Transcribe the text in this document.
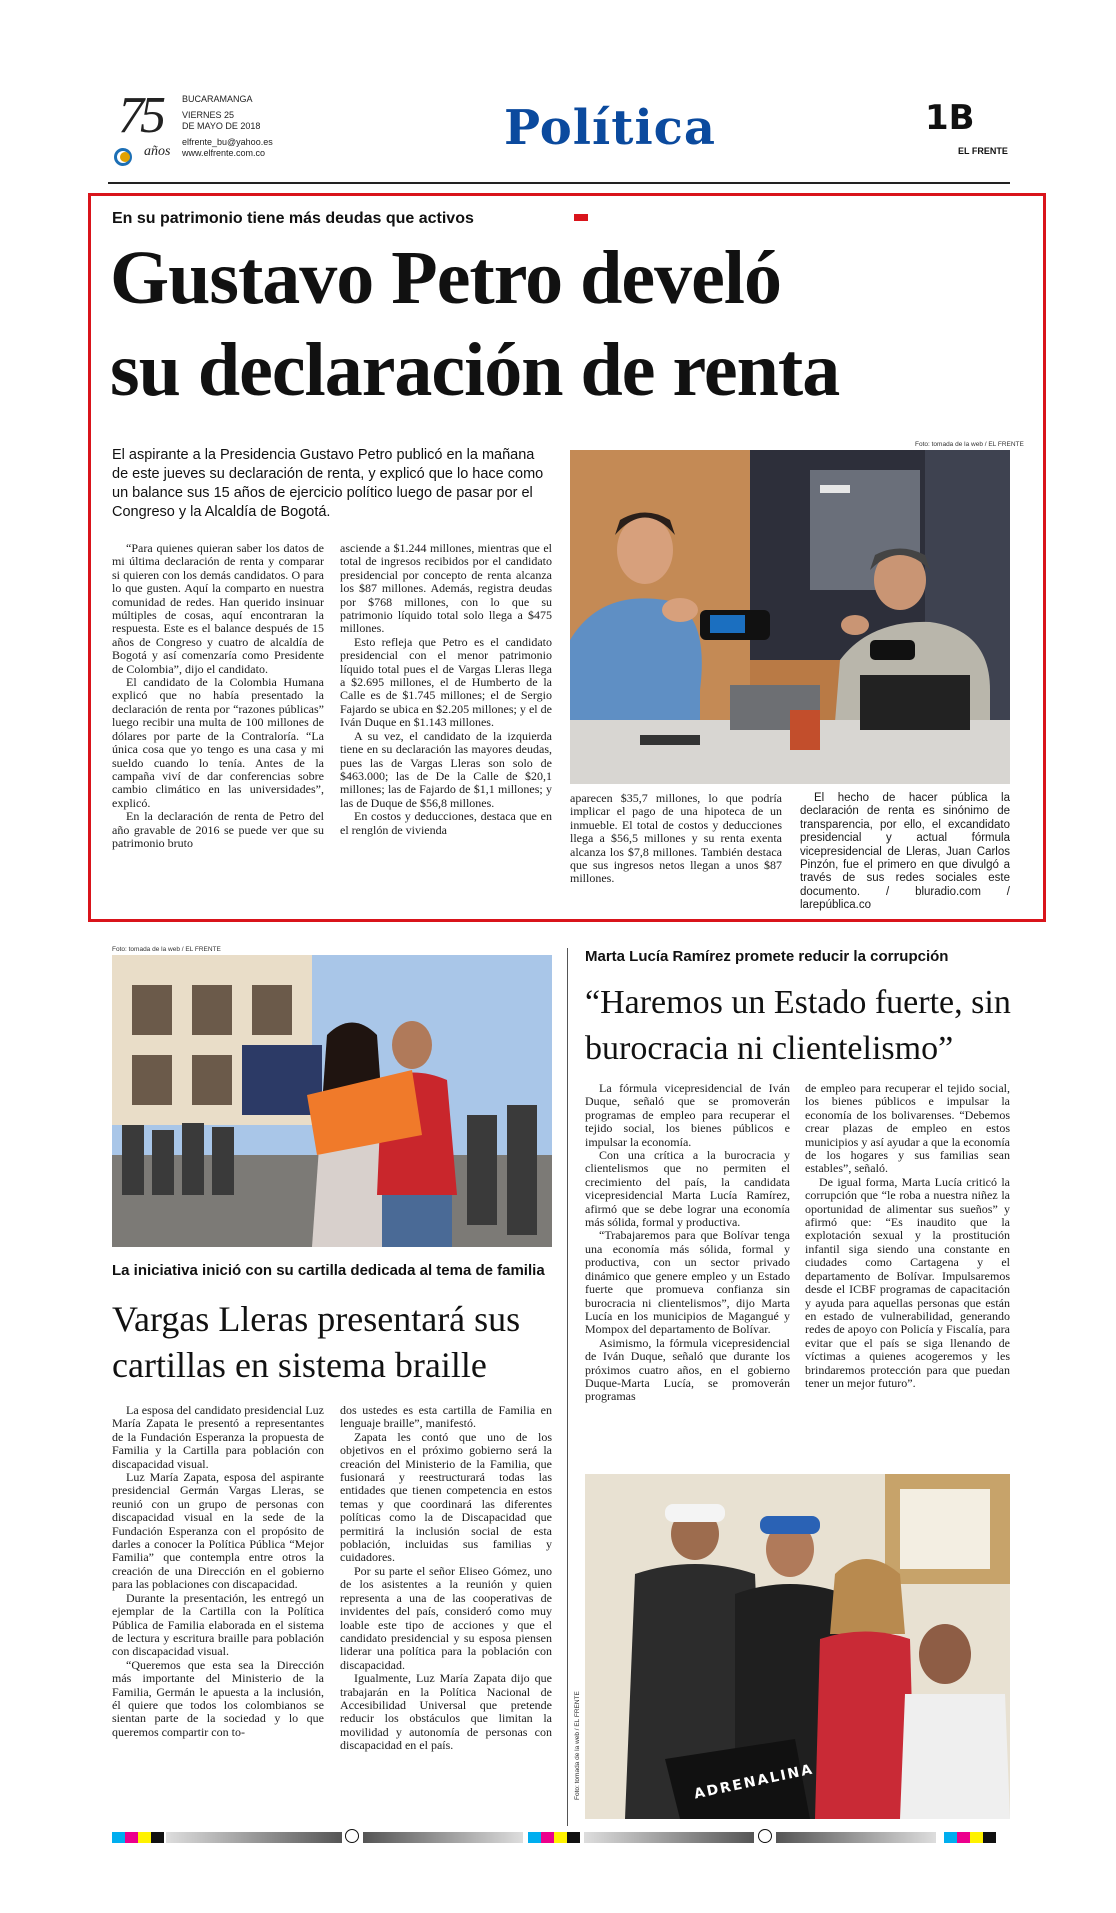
75
años
BUCARAMANGA
VIERNES 25
DE MAYO DE 2018
elfrente_bu@yahoo.es
www.elfrente.com.co	Política	1B
EL FRENTE
En su patrimonio tiene más deudas que activos
Gustavo Petro develó
su declaración de renta
El aspirante a la Presidencia Gustavo Petro publicó en la mañana de este jueves su declaración de renta, y explicó que lo hace como un balance sus 15 años de ejercicio político luego de pasar por el Congreso y la Alcaldía de Bogotá.

“Para quienes quieran saber los datos de mi última declaración de renta y comparar si quieren con los demás candidatos. O para lo que gusten. Aquí la comparto en nuestra comunidad de redes. Han querido insinuar múltiples de cosas, aquí encontraran la respuesta. Este es el balance después de 15 años de Congreso y cuatro de alcaldía de Bogotá y así comenzaría como Presidente de Colombia”, dijo el candidato.

El candidato de la Colombia Humana explicó que no había presentado la declaración de renta por “razones públicas” luego recibir una multa de 100 millones de dólares por parte de la Contraloría. “La única cosa que yo tengo es una casa y mi sueldo cuando lo tenía. Antes de la campaña viví de dar conferencias sobre cambio climático en las universidades”, explicó.

En la declaración de renta de Petro del año gravable de 2016 se puede ver que su patrimonio bruto

asciende a $1.244 millones, mientras que el total de ingresos recibidos por el candidato presidencial por concepto de renta alcanza los $87 millones. Además, registra deudas por $768 millones, con lo que su patrimonio líquido total solo llega a $475 millones.

Esto refleja que Petro es el candidato presidencial con el menor patrimonio líquido total pues el de Vargas Lleras llega a $2.695 millones, el de Humberto de la Calle es de $1.745 millones; el de Sergio Fajardo se ubica en $2.205 millones; y el de Iván Duque en $1.143 millones.

A su vez, el candidato de la izquierda tiene en su declaración las mayores deudas, pues las de Vargas Lleras son solo de $463.000; las de De la Calle de $20,1 millones; las de Fajardo de $1,1 millones; y las de Duque de $56,8 millones.

En costos y deducciones, destaca que en el renglón de vivienda

aparecen $35,7 millones, lo que podría implicar el pago de una hipoteca de un inmueble. El total de costos y deducciones llega a $56,5 millones y su renta exenta alcanza los $7,8 millones. También destaca que sus ingresos netos llegan a unos $87 millones.

El hecho de hacer pública la declaración de renta es sinónimo de transparencia, por ello, el excandidato presidencial y actual fórmula vicepresidencial de Lleras, Juan Carlos Pinzón, fue el primero en que divulgó a través de sus redes sociales este documento. / bluradio.com / larepública.co

Foto: tomada de la web / EL FRENTE
Foto: tomada de la web / EL FRENTE
La iniciativa inició con su cartilla dedicada al tema de familia
Vargas Lleras presentará sus
cartillas en sistema braille

La esposa del candidato presidencial Luz María Zapata le presentó a representantes de la Fundación Esperanza la propuesta de Familia y la Cartilla para población con discapacidad visual.

Luz María Zapata, esposa del aspirante presidencial Germán Vargas Lleras, se reunió con un grupo de personas con discapacidad visual en la sede de la Fundación Esperanza con el propósito de darles a conocer la Política Pública “Mejor Familia” que contempla entre otros la creación de una Dirección en el gobierno para las poblaciones con discapacidad.

Durante la presentación, les entregó un ejemplar de la Cartilla con la Política Pública de Familia elaborada en el sistema de lectura y escritura braille para población con discapacidad visual.

“Queremos que esta sea la Dirección más importante del Ministerio de la Familia, Germán le apuesta a la inclusión, él quiere que todos los colombianos se sientan parte de la sociedad y lo que queremos compartir con to-

dos ustedes es esta cartilla de Familia en lenguaje braille”, manifestó.

Zapata les contó que uno de los objetivos en el próximo gobierno será la creación del Ministerio de la Familia, que fusionará y reestructurará todas las entidades que tienen competencia en estos temas y que coordinará las diferentes políticas como la de Discapacidad que permitirá la inclusión social de esta población, incluidas sus familias y cuidadores.

Por su parte el señor Eliseo Gómez, uno de los asistentes a la reunión y quien representa a una de las cooperativas de invidentes del país, consideró como muy loable este tipo de acciones y que el candidato presidencial y su esposa piensen liderar una política para la población con discapacidad.

Igualmente, Luz María Zapata dijo que trabajarán en la Política Nacional de Accesibilidad Universal que pretende reducir los obstáculos que limitan la movilidad y autonomía de personas con discapacidad en el país.

Marta Lucía Ramírez promete reducir la corrupción
“Haremos un Estado fuerte, sin
burocracia ni clientelismo”

La fórmula vicepresidencial de Iván Duque, señaló que se promoverán programas de empleo para recuperar el tejido social, los bienes públicos e impulsar la economía.

Con una crítica a la burocracia y clientelismos que no permiten el crecimiento del país, la candidata vicepresidencial Marta Lucía Ramírez, afirmó que se debe lograr una economía más sólida, formal y productiva.

“Trabajaremos para que Bolívar tenga una economía más sólida, formal y productiva, con un sector privado dinámico que genere empleo y un Estado fuerte que promueva confianza sin burocracia ni clientelismos”, dijo Marta Lucía en los municipios de Magangué y Mompox del departamento de Bolívar.

Asimismo, la fórmula vicepresidencial de Iván Duque, señaló que durante los próximos cuatro años, en el gobierno Duque-Marta Lucía, se promoverán programas

de empleo para recuperar el tejido social, los bienes públicos e impulsar la economía de los bolivarenses. “Debemos crear plazas de empleo en estos municipios y así ayudar a que la economía de los hogares y sus familias sean estables”, señaló.

De igual forma, Marta Lucía criticó la corrupción que “le roba a nuestra niñez la oportunidad de alimentar sus sueños” y afirmó que: “Es inaudito que la explotación sexual y la prostitución infantil siga siendo una constante en ciudades como Cartagena y el departamento de Bolívar. Impulsaremos desde el ICBF programas de capacitación y ayuda para aquellas personas que están en estado de vulnerabilidad, generando redes de apoyo con Policía y Fiscalía, para evitar que el país se siga llenando de víctimas a quienes acogeremos y les brindaremos protección para que puedan tener un mejor futuro”.

ADRENALINA
Foto: tomada de la web / EL FRENTE
